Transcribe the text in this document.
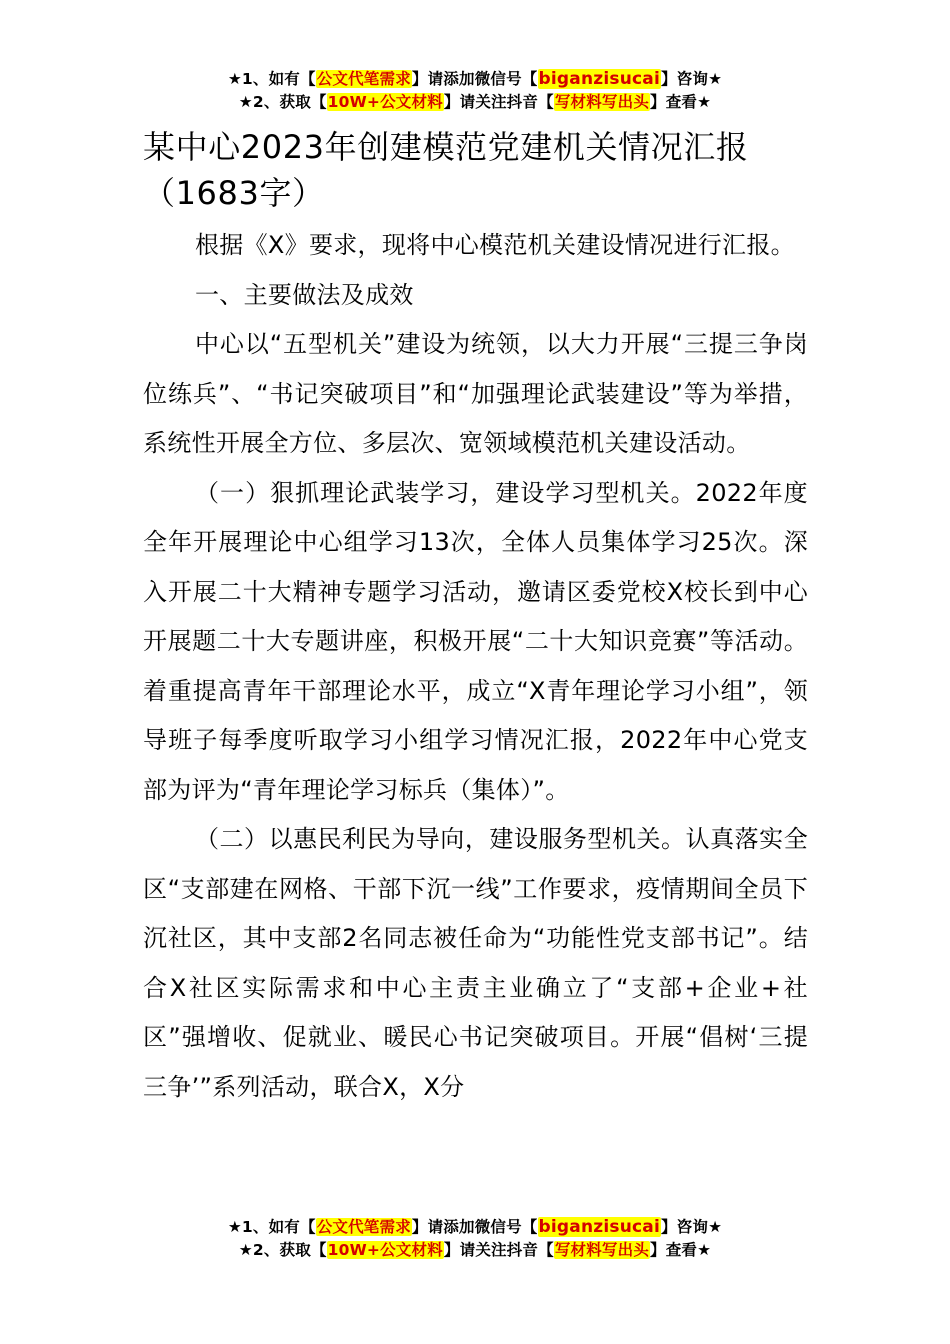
★1、如有【公文代笔需求】请添加微信号【biganzisucai】咨询★
★2、获取【10W+公文材料】请关注抖音【写材料写出头】查看★
某中心2023年创建模范党建机关情况汇报
（1683字）

根据《X》要求，现将中心模范机关建设情况进行汇报。

一、主要做法及成效

中心以“五型机关”建设为统领，以大力开展“三提三争岗位练兵”、“书记突破项目”和“加强理论武装建设”等为举措，系统性开展全方位、多层次、宽领域模范机关建设活动。

（一）狠抓理论武装学习，建设学习型机关。2022年度全年开展理论中心组学习13次，全体人员集体学习25次。深入开展二十大精神专题学习活动，邀请区委党校X校长到中心开展题二十大专题讲座，积极开展“二十大知识竞赛”等活动。着重提高青年干部理论水平，成立“X青年理论学习小组”，领导班子每季度听取学习小组学习情况汇报，2022年中心党支部为评为“青年理论学习标兵（集体）”。

（二）以惠民利民为导向，建设服务型机关。认真落实全区“支部建在网格、干部下沉一线”工作要求，疫情期间全员下沉社区，其中支部2名同志被任命为“功能性党支部书记”。结合X社区实际需求和中心主责主业确立了“支部+企业+社区”强增收、促就业、暖民心书记突破项目。开展“倡树‘三提三争’”系列活动，联合X，X分

★1、如有【公文代笔需求】请添加微信号【biganzisucai】咨询★
★2、获取【10W+公文材料】请关注抖音【写材料写出头】查看★
